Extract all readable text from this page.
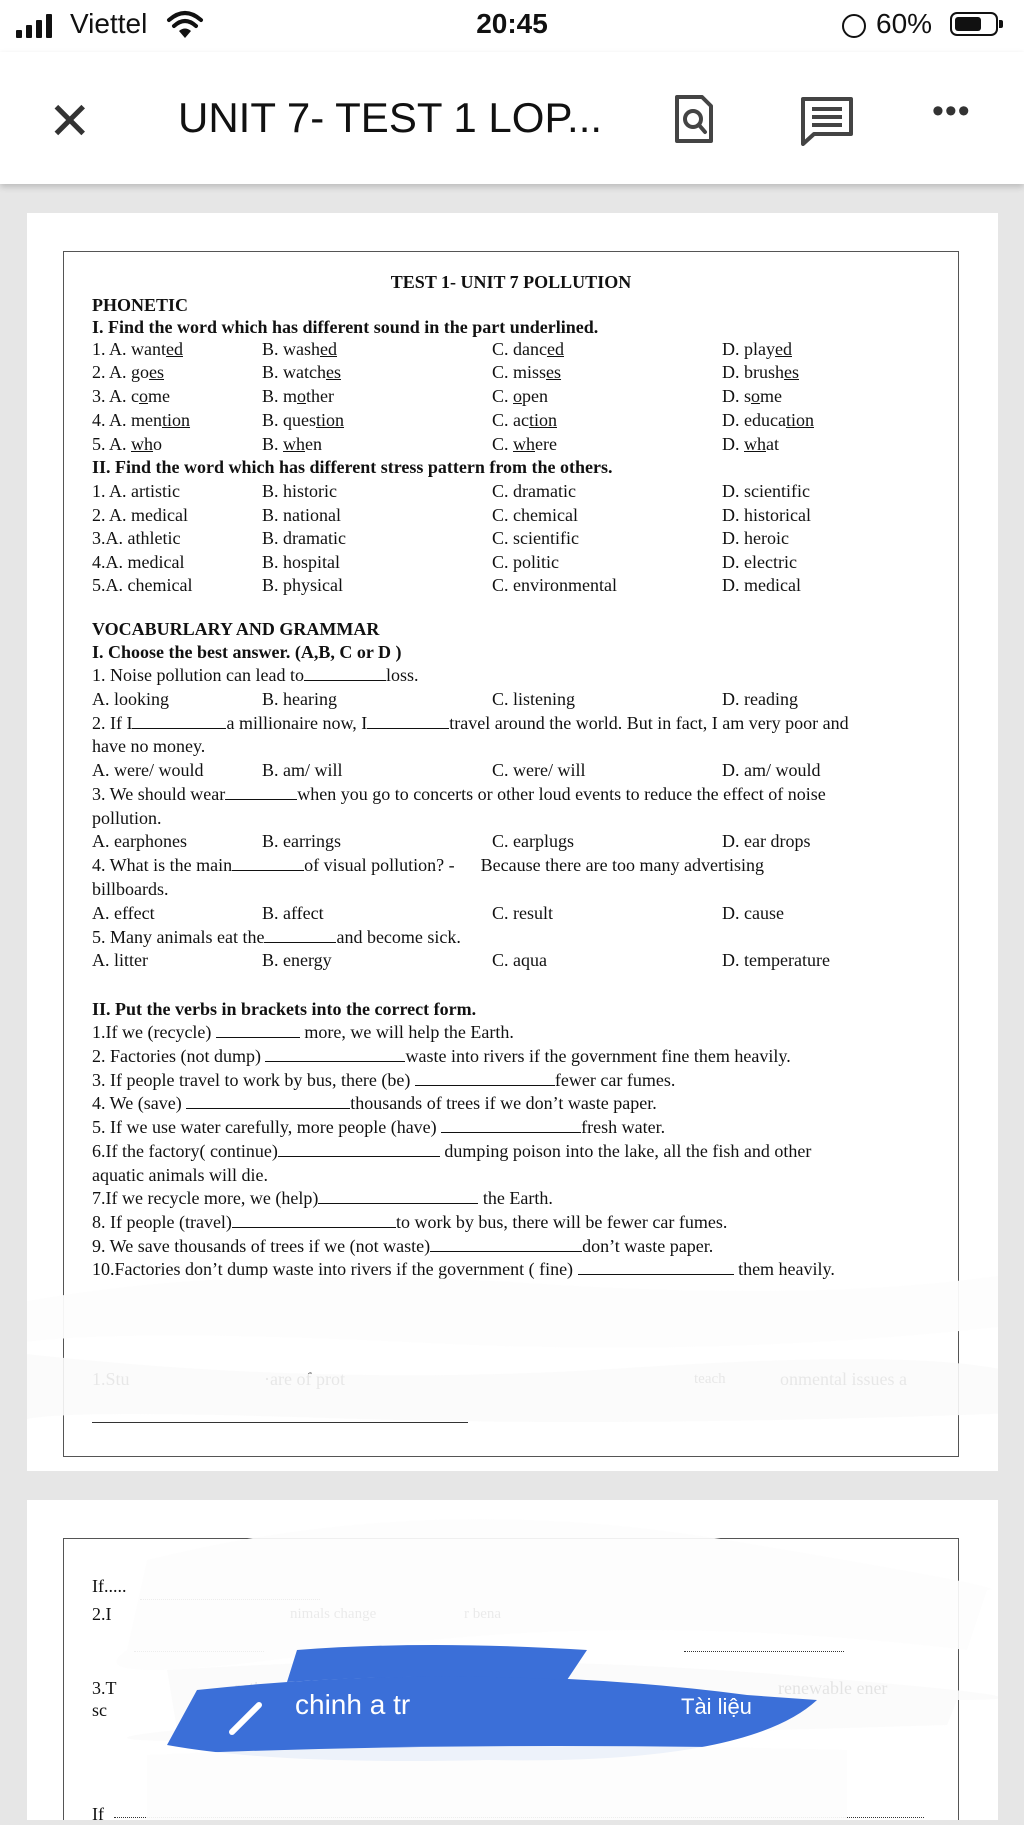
Viettel	20:45	60%
✕ UNIT 7- TEST 1 LOP...	•••
TEST 1- UNIT 7 POLLUTION
PHONETIC
I. Find the word which has different sound in the part underlined.
1. A. wanted	B. washed	C. danced	D. played
2. A. goes	B. watches	C. misses	D. brushes
3. A. come	B. mother	C. open	D. some
4. A. mention	B. question	C. action	D. education
5. A. who	B. when	C. where	D. what
II. Find the word which has different stress pattern from the others.
1. A. artistic	B. historic	C. dramatic	D. scientific
2. A. medical	B. national	C. chemical	D. historical
3.A. athletic	B. dramatic	C. scientific	D. heroic
4.A. medical	B. hospital	C. politic	D. electric
5.A. chemical	B. physical	C. environmental	D. medical
VOCABURLARY AND GRAMMAR
I. Choose the best answer. (A,B, C or D )
1. Noise pollution can lead to	loss.
A. looking	B. hearing	C. listening	D. reading
2. If I	a millionaire now, I	travel around the world. But in fact, I am very poor and
have no money.
A. were/ would	B. am/ will	C. were/ will	D. am/ would
3. We should wear	when you go to concerts or other loud events to reduce the effect of noise
pollution.
A. earphones	B. earrings	C. earplugs	D. ear drops
4. What is the main	of visual pollution? - Because there are too many advertising
billboards.
A. effect	B. affect	C. result	D. cause
5. Many animals eat the	and become sick.
A. litter	B. energy	C. aqua	D. temperature
II. Put the verbs in brackets into the correct form.
1.If we (recycle)	more, we will help the Earth.
2. Factories (not dump)	waste into rivers if the government fine them heavily.
3. If people travel to work by bus, there (be)	fewer car fumes.
4. We (save)	thousands of trees if we don’t waste paper.
5. If we use water carefully, more people (have)	fresh water.
6.If the factory( continue)	dumping poison into the lake, all the fish and other
aquatic animals will die.
7.If we recycle more, we (help)	the Earth.
8. If people (travel)	to work by bus, there will be fewer car fumes.
9. We save thousands of trees if we (not waste)	don’t waste paper.
10.Factories don’t dump waste into rivers if the government ( fine)	them heavily.
If.....
2.I
3.T
sc
If
chinh a tr	Tài liệu
